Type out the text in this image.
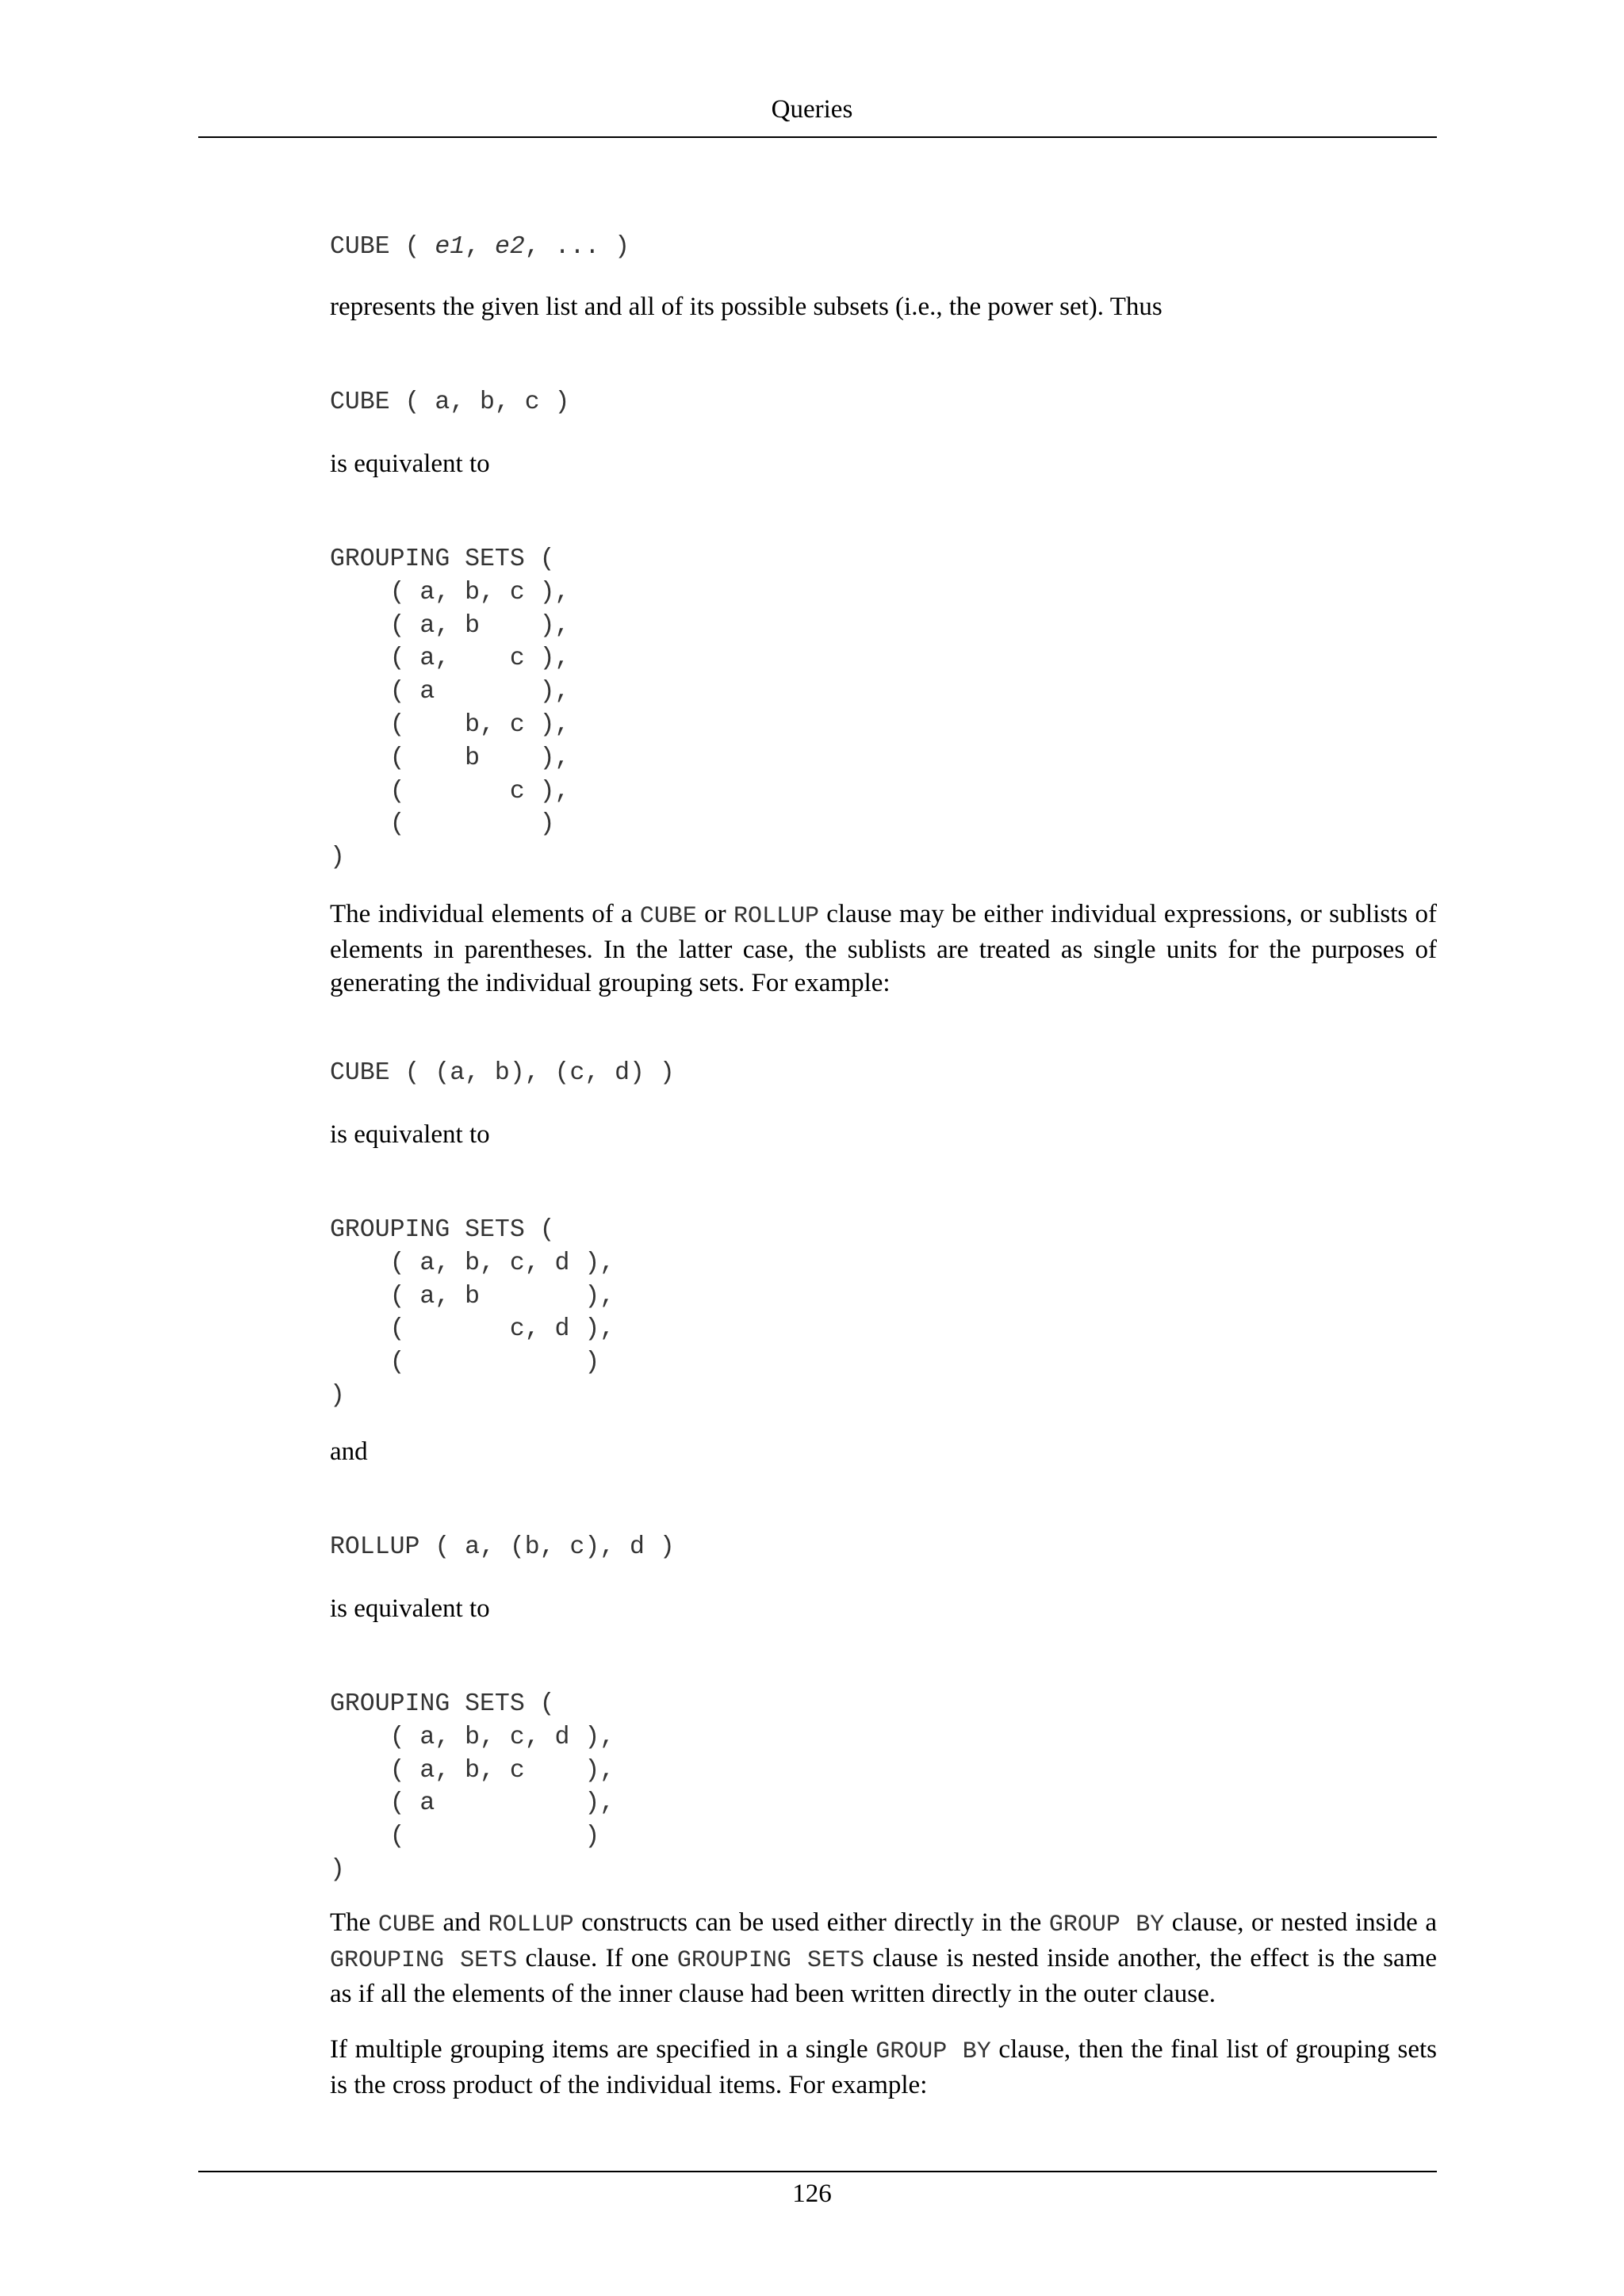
Queries
CUBE ( e1, e2, ... )

represents the given list and all of its possible subsets (i.e., the power set). Thus

CUBE ( a, b, c )

is equivalent to

GROUPING SETS (
( a, b, c ),
( a, b    ),
( a,    c ),
( a       ),
(    b, c ),
(    b    ),
(       c ),
(         )
)

The individual elements of a CUBE or ROLLUP clause may be either individual expressions, or sublists of elements in parentheses. In the latter case, the sublists are treated as single units for the purposes of generating the individual grouping sets. For example:

CUBE ( (a, b), (c, d) )

is equivalent to

GROUPING SETS (
( a, b, c, d ),
( a, b       ),
(       c, d ),
(            )
)

and

ROLLUP ( a, (b, c), d )

is equivalent to

GROUPING SETS (
( a, b, c, d ),
( a, b, c    ),
( a          ),
(            )
)

The CUBE and ROLLUP constructs can be used either directly in the GROUP BY clause, or nested inside a GROUPING SETS clause. If one GROUPING SETS clause is nested inside another, the effect is the same as if all the elements of the inner clause had been written directly in the outer clause.

If multiple grouping items are specified in a single GROUP BY clause, then the final list of grouping sets is the cross product of the individual items. For example:

126
